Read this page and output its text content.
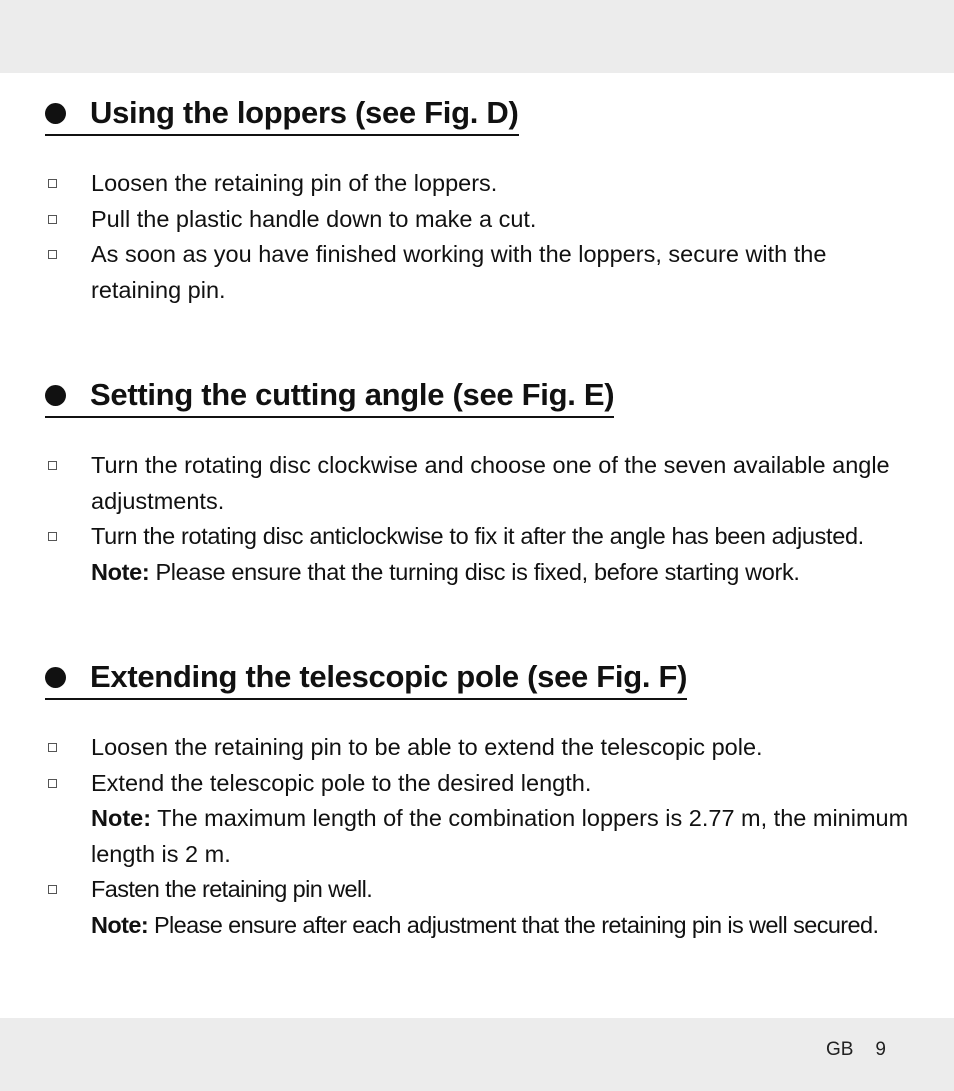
Using the loppers (see Fig. D)
Loosen the retaining pin of the loppers.
Pull the plastic handle down to make a cut.
As soon as you have finished working with the loppers, secure with the retaining pin.
Setting the cutting angle (see Fig. E)
Turn the rotating disc clockwise and choose one of the seven available angle adjustments.
Turn the rotating disc anticlockwise to fix it after the angle has been adjusted.
Note: Please ensure that the turning disc is fixed, before starting work.
Extending the telescopic pole (see Fig. F)
Loosen the retaining pin to be able to extend the telescopic pole.
Extend the telescopic pole to the desired length.
Note: The maximum length of the combination loppers is 2.77 m, the minimum length is 2 m.
Fasten the retaining pin well.
Note: Please ensure after each adjustment that the retaining pin is well secured.
GB 9
